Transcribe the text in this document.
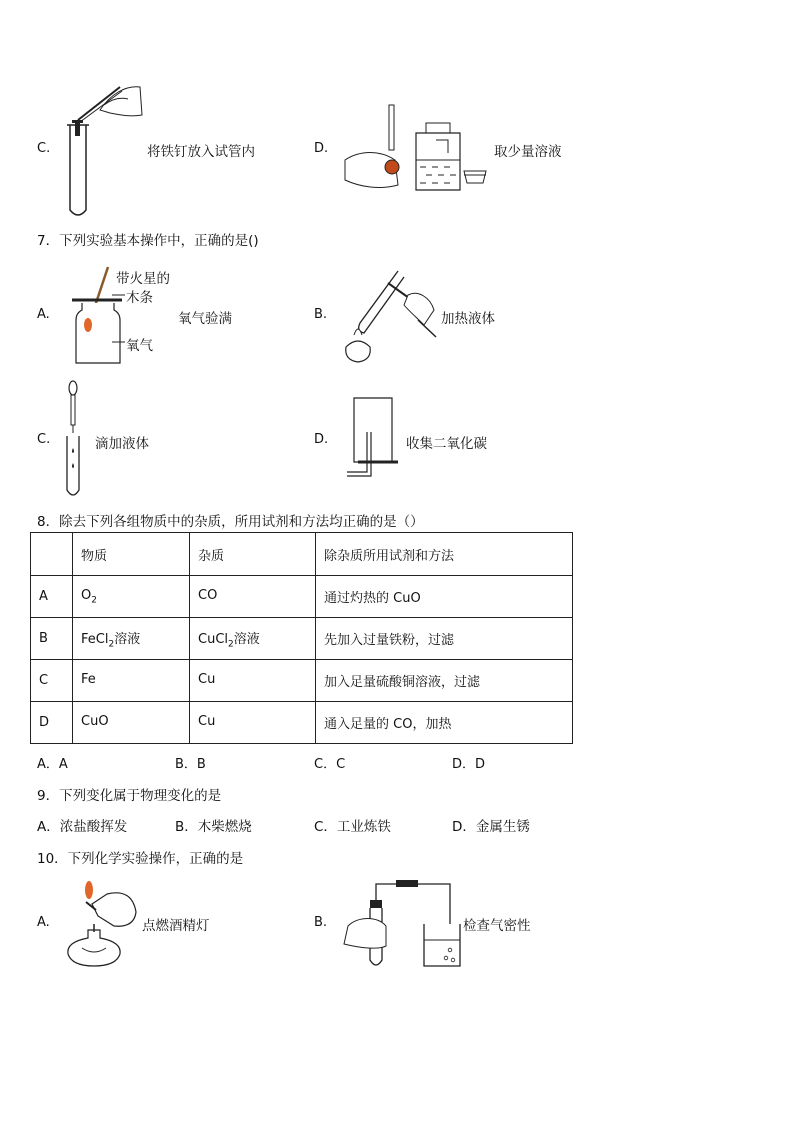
C.	将铁钉放入试管内	D.	取少量溶液
7．下列实验基本操作中，正确的是()
A.
带火星的
木条
氧气
氧气验满	B.	加热液体
C.	滴加液体	D.	收集二氧化碳
8．除去下列各组物质中的杂质，所用试剂和方法均正确的是（）
	物质	杂质	除杂质所用试剂和方法
A	$O_2$	CO	通过灼热的 CuO
B	FeCl$_2$溶液	CuCl$_2$溶液	先加入过量铁粉，过滤
C	Fe	Cu	加入足量硫酸铜溶液，过滤
D	CuO	Cu	通入足量的 CO，加热
A．A	B．B	C．C	D．D
9．下列变化属于物理变化的是
A．浓盐酸挥发	B．木柴燃烧	C．工业炼铁	D．金属生锈
10．下列化学实验操作，正确的是
A.	点燃酒精灯	B.	检查气密性
